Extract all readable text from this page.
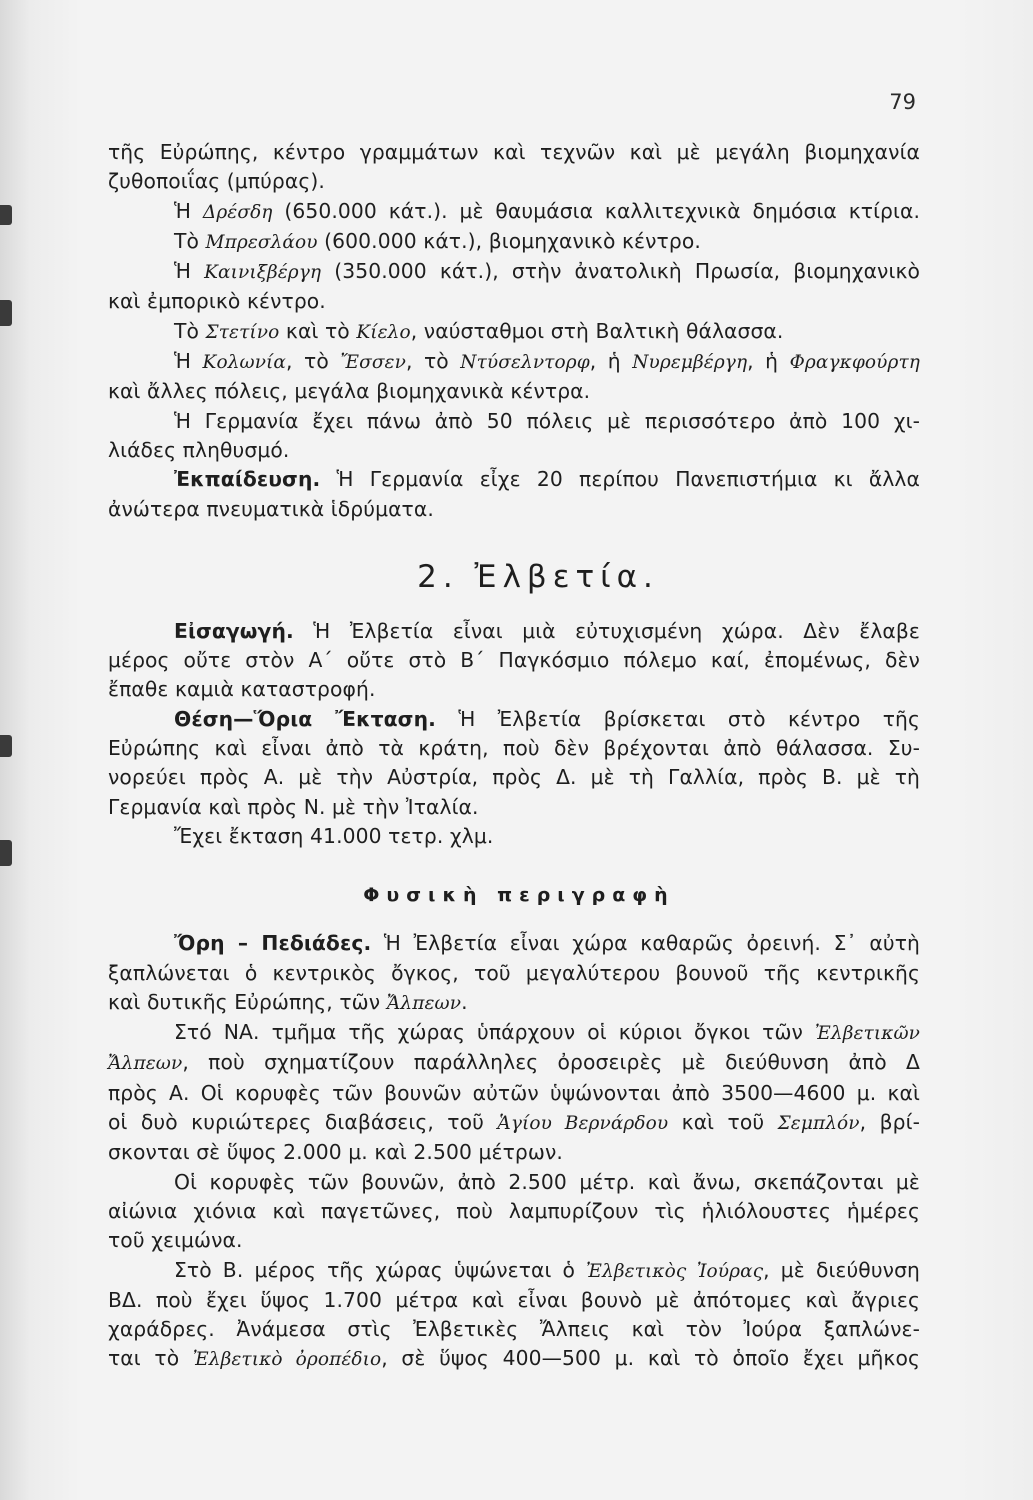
79
τῆς Εὐρώπης, κέντρο γραμμάτων καὶ τεχνῶν καὶ μὲ μεγάλη βιομηχανία
ζυθοποιΐας (μπύρας).
Ἡ Δρέσδη (650.000 κάτ.). μὲ θαυμάσια καλλιτεχνικὰ δημόσια κτίρια.
Τὸ Μπρεσλάου (600.000 κάτ.), βιομηχανικὸ κέντρο.
Ἡ Καινιξβέργη (350.000 κάτ.), στὴν ἀνατολικὴ Πρωσία, βιομηχανικὸ
καὶ ἐμπορικὸ κέντρο.
Τὸ Στετίνο καὶ τὸ Κίελο, ναύσταθμοι στὴ Βαλτικὴ θάλασσα.
Ἡ Κολωνία, τὸ Ἔσσεν, τὸ Ντύσελντορφ, ἡ Νυρεμβέργη, ἡ Φραγκφούρτη
καὶ ἄλλες πόλεις, μεγάλα βιομηχανικὰ κέντρα.
Ἡ Γερμανία ἔχει πάνω ἀπὸ 50 πόλεις μὲ περισσότερο ἀπὸ 100 χι-
λιάδες πληθυσμό.
Ἐκπαίδευση. Ἡ Γερμανία εἶχε 20 περίπου Πανεπιστήμια κι ἄλλα
ἀνώτερα πνευματικὰ ἱδρύματα.
2. Ἐλβετία.
Εἰσαγωγή. Ἡ Ἐλβετία εἶναι μιὰ εὐτυχισμένη χώρα. Δὲν ἔλαβε
μέρος οὔτε στὸν Α΄ οὔτε στὸ Β΄ Παγκόσμιο πόλεμο καί, ἐπομένως, δὲν
ἔπαθε καμιὰ καταστροφή.
Θέση—Ὅρια Ἔκταση. Ἡ Ἐλβετία βρίσκεται στὸ κέντρο τῆς
Εὐρώπης καὶ εἶναι ἀπὸ τὰ κράτη, ποὺ δὲν βρέχονται ἀπὸ θάλασσα. Συ-
νορεύει πρὸς Α. μὲ τὴν Αὐστρία, πρὸς Δ. μὲ τὴ Γαλλία, πρὸς Β. μὲ τὴ
Γερμανία καὶ πρὸς Ν. μὲ τὴν Ἰταλία.
Ἔχει ἔκταση 41.000 τετρ. χλμ.
Φυσικὴ περιγραφὴ
Ὄρη – Πεδιάδες. Ἡ Ἐλβετία εἶναι χώρα καθαρῶς ὀρεινή. Σ᾽ αὐτὴ
ξαπλώνεται ὁ κεντρικὸς ὄγκος, τοῦ μεγαλύτερου βουνοῦ τῆς κεντρικῆς
καὶ δυτικῆς Εὐρώπης, τῶν Ἄλπεων.
Στό ΝΑ. τμῆμα τῆς χώρας ὑπάρχουν οἱ κύριοι ὄγκοι τῶν Ἐλβετικῶν
Ἄλπεων, ποὺ σχηματίζουν παράλληλες ὀροσειρὲς μὲ διεύθυνση ἀπὸ Δ
πρὸς Α. Οἱ κορυφὲς τῶν βουνῶν αὐτῶν ὑψώνονται ἀπὸ 3500—4600 μ. καὶ
οἱ δυὸ κυριώτερες διαβάσεις, τοῦ Ἁγίου Βερνάρδου καὶ τοῦ Σεμπλόν, βρί-
σκονται σὲ ὕψος 2.000 μ. καὶ 2.500 μέτρων.
Οἱ κορυφὲς τῶν βουνῶν, ἀπὸ 2.500 μέτρ. καὶ ἄνω, σκεπάζονται μὲ
αἰώνια χιόνια καὶ παγετῶνες, ποὺ λαμπυρίζουν τὶς ἡλιόλουστες ἡμέρες
τοῦ χειμώνα.
Στὸ Β. μέρος τῆς χώρας ὑψώνεται ὁ Ἐλβετικὸς Ἰούρας, μὲ διεύθυνση
ΒΔ. ποὺ ἔχει ὕψος 1.700 μέτρα καὶ εἶναι βουνὸ μὲ ἀπότομες καὶ ἄγριες
χαράδρες. Ἀνάμεσα στὶς Ἐλβετικὲς Ἄλπεις καὶ τὸν Ἰούρα ξαπλώνε-
ται τὸ Ἐλβετικὸ ὀροπέδιο, σὲ ὕψος 400—500 μ. καὶ τὸ ὁποῖο ἔχει μῆκος
